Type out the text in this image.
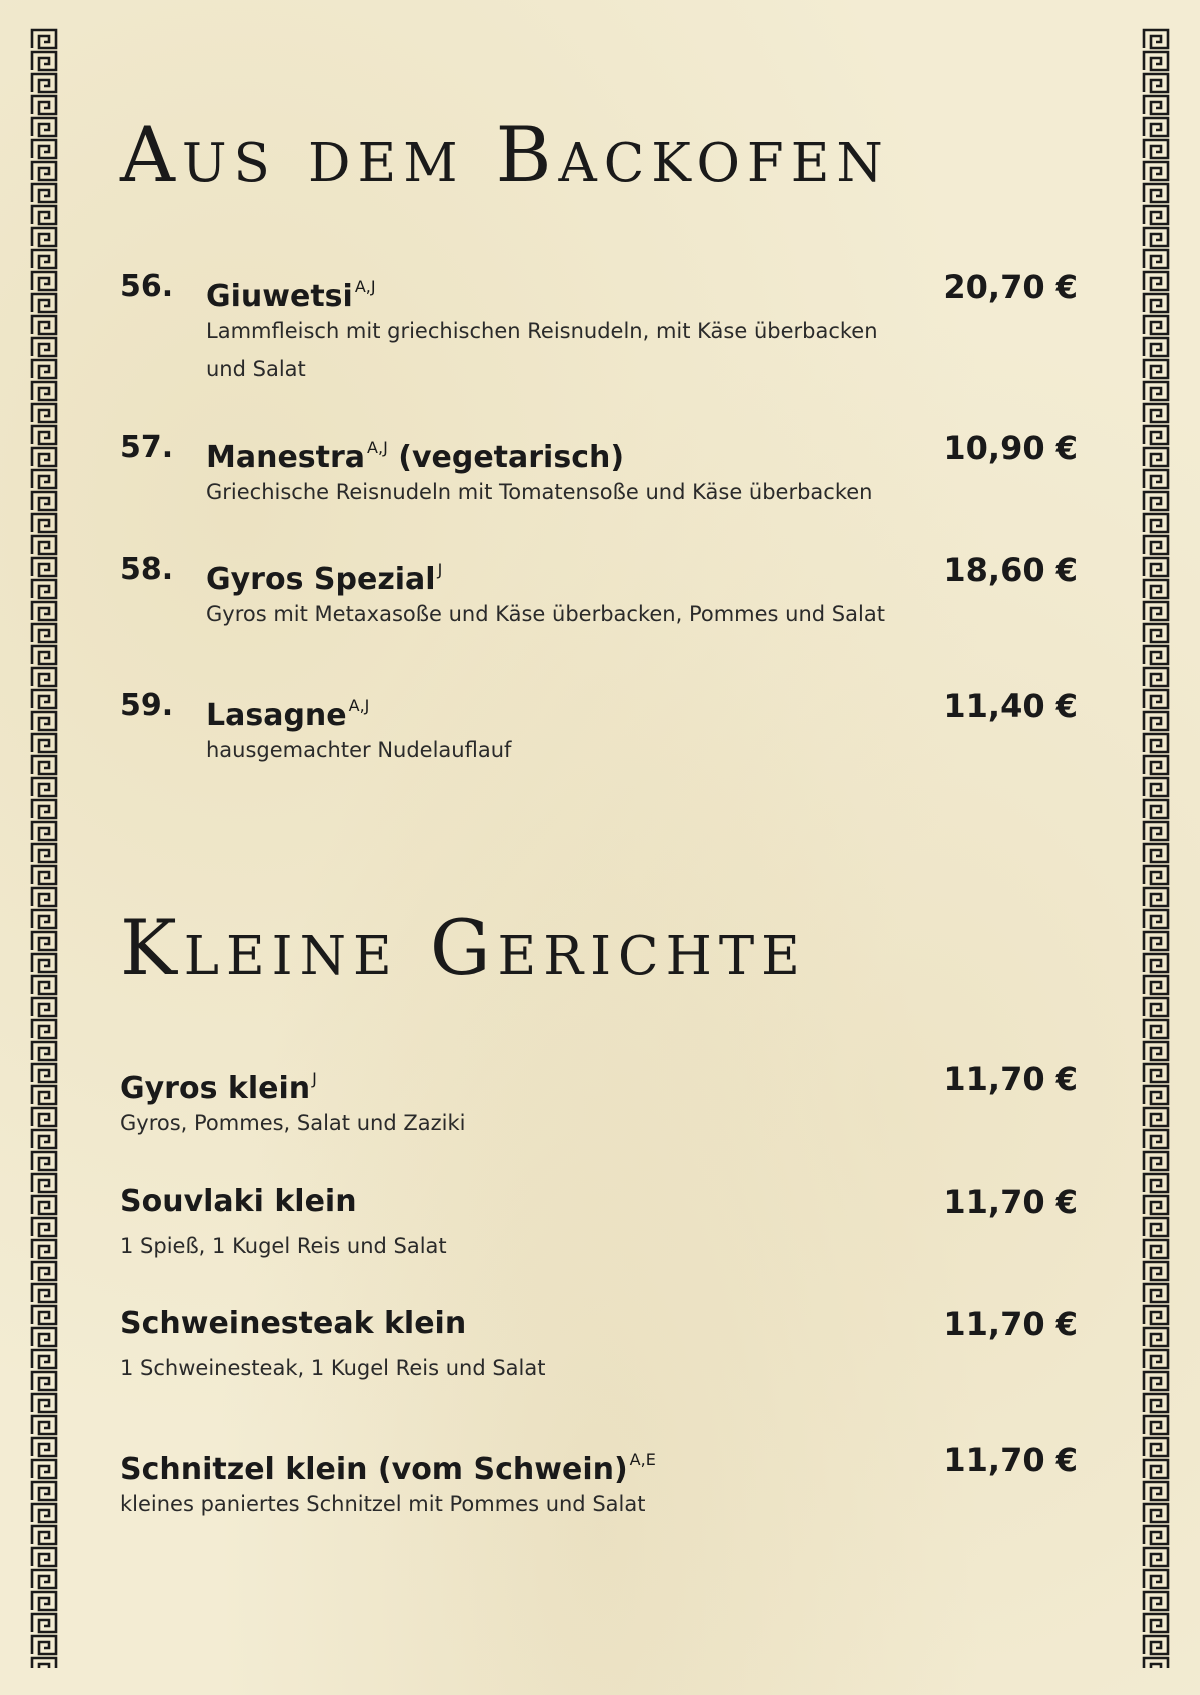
Aus dem Backofen
56. Giuwetsi $^{A,J}$	20,70 €
Lammfleisch mit griechischen Reisnudeln, mit Käse überbacken und Salat
57. Manestra $^{A,J}$ (vegetarisch)	10,90 €
Griechische Reisnudeln mit Tomatensoße und Käse überbacken
58. Gyros Spezial $^J$	18,60 €
Gyros mit Metaxasoße und Käse überbacken, Pommes und Salat
59. Lasagne $^{A,J}$	11,40 €
hausgemachter Nudelauflauf
Kleine Gerichte
Gyros klein $^J$	11,70 €
Gyros, Pommes, Salat und Zaziki
Souvlaki klein	11,70 €
1 Spieß, 1 Kugel Reis und Salat
Schweinesteak klein	11,70 €
1 Schweinesteak, 1 Kugel Reis und Salat
Schnitzel klein (vom Schwein) $^{A,E}$	11,70 €
kleines paniertes Schnitzel mit Pommes und Salat
